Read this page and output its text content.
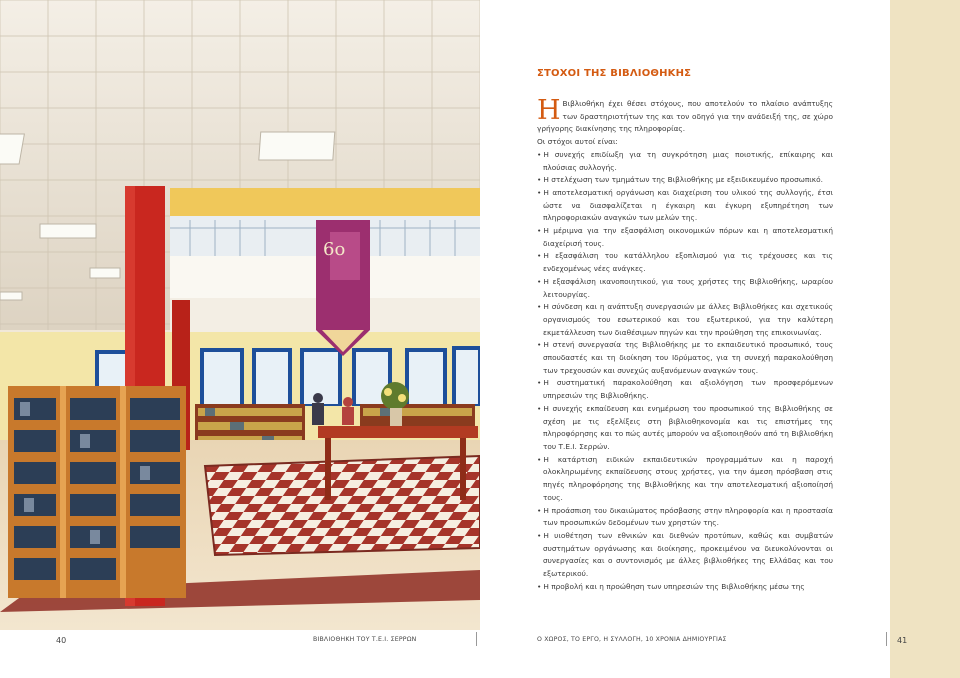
6ο
40	ΒΙΒΛΙΟΘΗΚΗ ΤΟΥ Τ.Ε.Ι. ΣΕΡΡΩΝ
ΣΤΟΧΟΙ ΤΗΣ ΒΙΒΛΙΟΘΗΚΗΣ

Η Βιβλιοθήκη έχει θέσει στόχους, που αποτελούν το πλαίσιο ανάπτυξης των δραστηριοτήτων της και τον οδηγό για την ανάδειξή της, σε χώρο γρήγορης διακίνησης της πληροφορίας.

Οι στόχοι αυτοί είναι:

• Η συνεχής επιδίωξη για τη συγκρότηση μιας ποιοτικής, επίκαιρης και πλούσιας συλλογής.
• Η στελέχωση των τμημάτων της Βιβλιοθήκης με εξειδικευμένο προσωπικό.
• Η αποτελεσματική οργάνωση και διαχείριση του υλικού της συλλογής, έτσι ώστε να διασφαλίζεται η έγκαιρη και έγκυρη εξυπηρέτηση των πληροφοριακών αναγκών των μελών της.
• Η μέριμνα για την εξασφάλιση οικονομικών πόρων και η αποτελεσματική διαχείρισή τους.
• Η εξασφάλιση του κατάλληλου εξοπλισμού για τις τρέχουσες και τις ενδεχομένως νέες ανάγκες.
• Η εξασφάλιση ικανοποιητικού, για τους χρήστες της Βιβλιοθήκης, ωραρίου λειτουργίας.
• Η σύνδεση και η ανάπτυξη συνεργασιών με άλλες Βιβλιοθήκες και σχετικούς οργανισμούς του εσωτερικού και του εξωτερικού, για την καλύτερη εκμετάλλευση των διαθέσιμων πηγών και την προώθηση της επικοινωνίας.
• Η στενή συνεργασία της Βιβλιοθήκης με το εκπαιδευτικό προσωπικό, τους σπουδαστές και τη διοίκηση του Ιδρύματος, για τη συνεχή παρακολούθηση των τρεχουσών και συνεχώς αυξανόμενων αναγκών τους.
• Η συστηματική παρακολούθηση και αξιολόγηση των προσφερόμενων υπηρεσιών της Βιβλιοθήκης.
• Η συνεχής εκπαίδευση και ενημέρωση του προσωπικού της Βιβλιοθήκης σε σχέση με τις εξελίξεις στη βιβλιοθηκονομία και τις επιστήμες της πληροφόρησης και το πώς αυτές μπορούν να αξιοποιηθούν από τη Βιβλιοθήκη του Τ.Ε.Ι. Σερρών.
• Η κατάρτιση ειδικών εκπαιδευτικών προγραμμάτων και η παροχή ολοκληρωμένης εκπαίδευσης στους χρήστες, για την άμεση πρόσβαση στις πηγές πληροφόρησης της Βιβλιοθήκης και την αποτελεσματική αξιοποίησή τους.
• Η προάσπιση του δικαιώματος πρόσβασης στην πληροφορία και η προστασία των προσωπικών δεδομένων των χρηστών της.
• Η υιοθέτηση των εθνικών και διεθνών προτύπων, καθώς και συμβατών συστημάτων οργάνωσης και διοίκησης, προκειμένου να διευκολύνονται οι συνεργασίες και ο συντονισμός με άλλες βιβλιοθήκες της Ελλάδας και του εξωτερικού.
• Η προβολή και η προώθηση των υπηρεσιών της Βιβλιοθήκης μέσω της
Ο ΧΩΡΟΣ, ΤΟ ΕΡΓΟ, Η ΣΥΛΛΟΓΗ, 10 ΧΡΟΝΙΑ ΔΗΜΙΟΥΡΓΙΑΣ	41
